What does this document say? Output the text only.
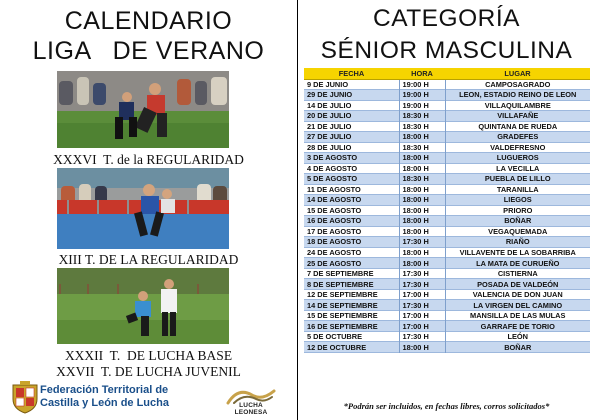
CALENDARIO
LIGA   DE VERANO
XXXVI  T. de la REGULARIDAD
XIII T. DE LA REGULARIDAD
XXXII  T.  DE LUCHA BASE
XXVII  T. DE LUCHA JUVENIL
Federación Territorial de
Castilla y León de Lucha	LUCHA LEONESA
CATEGORÍA
SÉNIOR MASCULINA
FECHA	HORA	LUGAR
9 DE JUNIO	19:00 H	CAMPOSAGRADO
29 DE JUNIO	19:00 H	LEON, ESTADIO REINO DE LEON
14 DE JULIO	19:00 H	VILLAQUILAMBRE
20 DE JULIO	18:30 H	VILLAFAÑE
21 DE JULIO	18:30 H	QUINTANA DE RUEDA
27 DE JULIO	18:00 H	GRADEFES
28 DE JULIO	18:30 H	VALDEFRESNO
3 DE AGOSTO	18:00 H	LUGUEROS
4 DE AGOSTO	18:00 H	LA VECILLA
5 DE AGOSTO	18:30 H	PUEBLA DE LILLO
11 DE AGOSTO	18:00 H	TARANILLA
14 DE AGOSTO	18:00 H	LIEGOS
15 DE AGOSTO	18:00 H	PRIORO
16 DE AGOSTO	18:00 H	BOÑAR
17 DE AGOSTO	18:00 H	VEGAQUEMADA
18 DE AGOSTO	17:30 H	RIAÑO
24 DE AGOSTO	18:00 H	VILLAVENTE DE LA SOBARRIBA
25 DE AGOSTO	18:00 H	LA MATA DE CURUEÑO
7 DE SEPTIEMBRE	17:30 H	CISTIERNA
8 DE SEPTIEMBRE	17:30 H	POSADA DE VALDEÓN
12 DE SEPTIEMBRE	17:00 H	VALENCIA DE DON JUAN
14 DE SEPTIEMBRE	17:30 H	LA VIRGEN DEL CAMINO
15 DE SEPTIEMBRE	17:00 H	MANSILLA DE LAS MULAS
16 DE SEPTIEMBRE	17:00 H	GARRAFE DE TORIO
5 DE OCTUBRE	17:30 H	LEÓN
12 DE OCTUBRE	18:00 H	BOÑAR
*Podrán ser incluidos, en fechas libres, corros solicitados*
